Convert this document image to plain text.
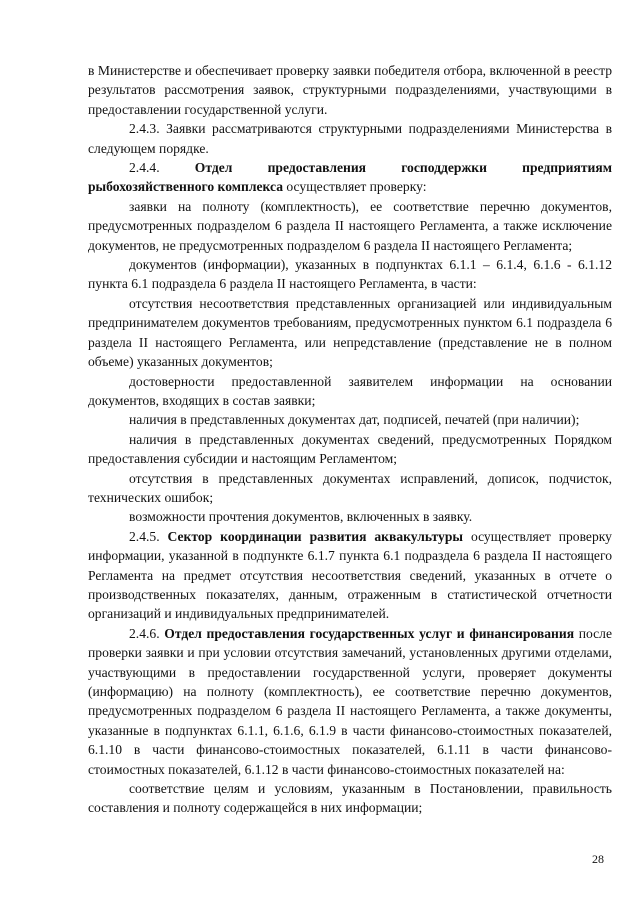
в Министерстве и обеспечивает проверку заявки победителя отбора, включенной в реестр результатов рассмотрения заявок, структурными подразделениями, участвующими в предоставлении государственной услуги.

2.4.3. Заявки рассматриваются структурными подразделениями Министерства в следующем порядке.

2.4.4.	Отдел предоставления господдержки предприятиям рыбохозяйственного комплекса осуществляет проверку:

заявки на полноту (комплектность), ее соответствие перечню документов, предусмотренных подразделом 6 раздела II настоящего Регламента, а также исключение документов, не предусмотренных подразделом 6 раздела II настоящего Регламента;

документов (информации), указанных в подпунктах 6.1.1 – 6.1.4, 6.1.6 - 6.1.12 пункта 6.1 подраздела 6 раздела II настоящего Регламента, в части:

отсутствия несоответствия представленных организацией или индивидуальным предпринимателем документов требованиям, предусмотренных пунктом 6.1 подраздела 6 раздела II настоящего Регламента, или непредставление (представление не в полном объеме) указанных документов;

достоверности предоставленной заявителем информации на основании документов, входящих в состав заявки;

наличия в представленных документах дат, подписей, печатей (при наличии);

наличия в представленных документах сведений, предусмотренных Порядком предоставления субсидии и настоящим Регламентом;

отсутствия в представленных документах исправлений, дописок, подчисток, технических ошибок;

возможности прочтения документов, включенных в заявку.

2.4.5. Сектор координации развития аквакультуры осуществляет проверку информации, указанной в подпункте 6.1.7 пункта 6.1 подраздела 6 раздела II настоящего Регламента на предмет отсутствия несоответствия сведений, указанных в отчете о производственных показателях, данным, отраженным в статистической отчетности организаций и индивидуальных предпринимателей.

2.4.6. Отдел предоставления государственных услуг и финансирования после проверки заявки и при условии отсутствия замечаний, установленных другими отделами, участвующими в предоставлении государственной услуги, проверяет документы (информацию) на полноту (комплектность), ее соответствие перечню документов, предусмотренных подразделом 6 раздела II настоящего Регламента, а также документы, указанные в подпунктах 6.1.1, 6.1.6, 6.1.9 в части финансово-стоимостных показателей, 6.1.10 в части финансово-стоимостных показателей, 6.1.11 в части финансово-стоимостных показателей, 6.1.12 в части финансово-стоимостных показателей на:

соответствие целям и условиям, указанным в Постановлении, правильность составления и полноту содержащейся в них информации;

28
